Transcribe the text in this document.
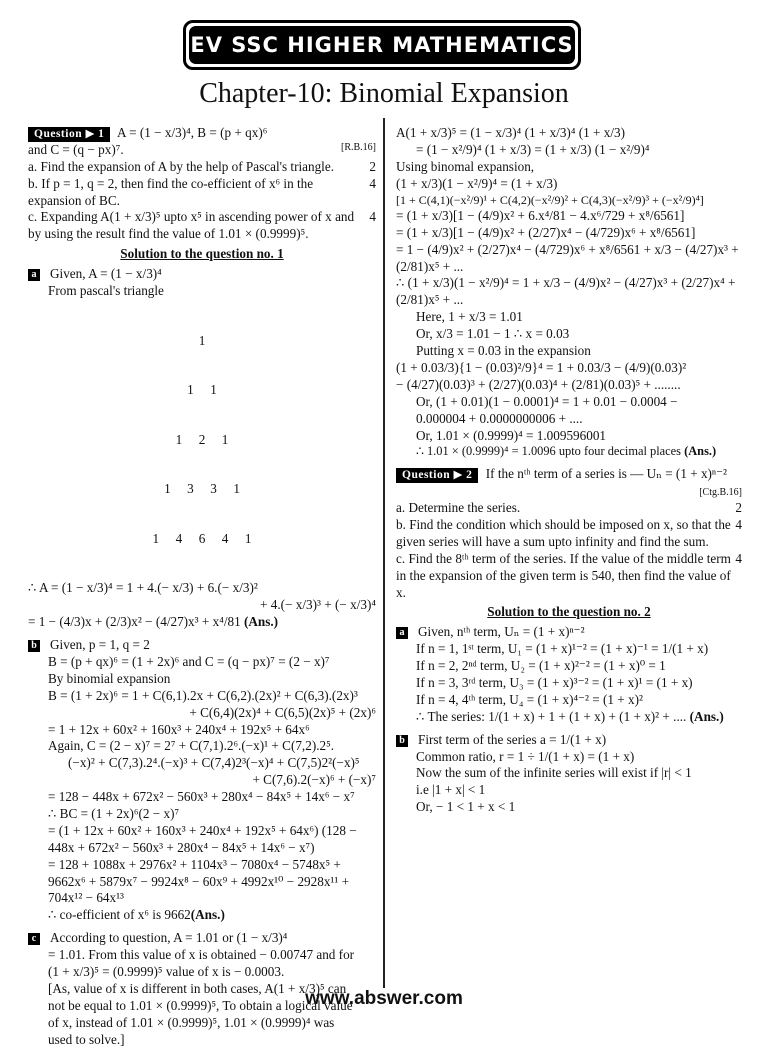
EV SSC HIGHER MATHEMATICS
Chapter-10: Binomial Expansion
Question ▶ 1 A = (1 − x/3)⁴, B = (p + qx)⁶
and C = (q − px)⁷.	[R.B.16]
2
a. Find the expansion of A by the help of Pascal's triangle.
4
b. If p = 1, q = 2, then find the co-efficient of x⁶ in the expansion of BC.
4
c. Expanding A(1 + x/3)⁵ upto x⁵ in ascending power of x and by using the result find the value of 1.01 × (0.9999)⁵.
Solution to the question no. 1
a Given, A = (1 − x/3)⁴
From pascal's triangle

1

1     1

1     2     1

1     3     3     1

1     4     6     4     1

∴ A = (1 − x/3)⁴ = 1 + 4.(− x/3) + 6.(− x/3)²
+ 4.(− x/3)³ + (− x/3)⁴
= 1 − (4/3)x + (2/3)x² − (4/27)x³ + x⁴/81 (Ans.)
b Given, p = 1, q = 2
B = (p + qx)⁶ = (1 + 2x)⁶ and C = (q − px)⁷ = (2 − x)⁷
By binomial expansion
B = (1 + 2x)⁶ = 1 + C(6,1).2x + C(6,2).(2x)² + C(6,3).(2x)³
+ C(6,4)(2x)⁴ + C(6,5)(2x)⁵ + (2x)⁶
= 1 + 12x + 60x² + 160x³ + 240x⁴ + 192x⁵ + 64x⁶
Again, C = (2 − x)⁷ = 2⁷ + C(7,1).2⁶.(−x)¹ + C(7,2).2⁵.
(−x)² + C(7,3).2⁴.(−x)³ + C(7,4)2³(−x)⁴ + C(7,5)2²(−x)⁵
+ C(7,6).2(−x)⁶ + (−x)⁷
= 128 − 448x + 672x² − 560x³ + 280x⁴ − 84x⁵ + 14x⁶ − x⁷
∴ BC = (1 + 2x)⁶(2 − x)⁷
= (1 + 12x + 60x² + 160x³ + 240x⁴ + 192x⁵ + 64x⁶) (128 −
448x + 672x² − 560x³ + 280x⁴ − 84x⁵ + 14x⁶ − x⁷)
= 128 + 1088x + 2976x² + 1104x³ − 7080x⁴ − 5748x⁵ +
9662x⁶ + 5879x⁷ − 9924x⁸ − 60x⁹ + 4992x¹⁰ − 2928x¹¹ +
704x¹² − 64x¹³
∴ co-efficient of x⁶ is 9662(Ans.)
c According to question, A = 1.01 or (1 − x/3)⁴
= 1.01. From this value of x is obtained − 0.00747 and for
(1 + x/3)⁵ = (0.9999)⁵ value of x is − 0.0003.
[As, value of x is different in both cases, A(1 + x/3)⁵ can
not be equal to 1.01 × (0.9999)⁵, To obtain a logical value
of x, instead of 1.01 × (0.9999)⁵, 1.01 × (0.9999)⁴ was
used to solve.]
A(1 + x/3)⁵ = (1 − x/3)⁴ (1 + x/3)⁴ (1 + x/3)
= (1 − x²/9)⁴ (1 + x/3) = (1 + x/3) (1 − x²/9)⁴
Using binomal expansion,
(1 + x/3)(1 − x²/9)⁴ = (1 + x/3)
[1 + C(4,1)(−x²/9)¹ + C(4,2)(−x²/9)² + C(4,3)(−x²/9)³ + (−x²/9)⁴]
= (1 + x/3)[1 − (4/9)x² + 6.x⁴/81 − 4.x⁶/729 + x⁸/6561]
= (1 + x/3)[1 − (4/9)x² + (2/27)x⁴ − (4/729)x⁶ + x⁸/6561]
= 1 − (4/9)x² + (2/27)x⁴ − (4/729)x⁶ + x⁸/6561 + x/3 − (4/27)x³ + (2/81)x⁵ + ...
∴ (1 + x/3)(1 − x²/9)⁴ = 1 + x/3 − (4/9)x² − (4/27)x³ + (2/27)x⁴ + (2/81)x⁵ + ...
Here, 1 + x/3 = 1.01
Or, x/3 = 1.01 − 1 ∴ x = 0.03
Putting x = 0.03 in the expansion
(1 + 0.03/3){1 − (0.03)²/9}⁴ = 1 + 0.03/3 − (4/9)(0.03)²
− (4/27)(0.03)³ + (2/27)(0.03)⁴ + (2/81)(0.03)⁵ + ........
Or, (1 + 0.01)(1 − 0.0001)⁴ = 1 + 0.01 − 0.0004 −
0.000004 + 0.0000000006 + ....
Or, 1.01 × (0.9999)⁴ = 1.009596001
∴ 1.01 × (0.9999)⁴ = 1.0096 upto four decimal places (Ans.)
Question ▶ 2 If the nᵗʰ term of a series is — Uₙ = (1 + x)ⁿ⁻²
[Ctg.B.16]
2
a. Determine the series.
4
b. Find the condition which should be imposed on x, so that the given series will have a sum upto infinity and find the sum.
4
c. Find the 8ᵗʰ term of the series. If the value of the middle term in the expansion of the given term is 540, then find the value of x.
Solution to the question no. 2
a Given, nᵗʰ term, Uₙ = (1 + x)ⁿ⁻²
If n = 1, 1ˢᵗ term, U₁ = (1 + x)¹⁻² = (1 + x)⁻¹ = 1/(1 + x)
If n = 2, 2ⁿᵈ term, U₂ = (1 + x)²⁻² = (1 + x)⁰ = 1
If n = 3, 3ʳᵈ term, U₃ = (1 + x)³⁻² = (1 + x)¹ = (1 + x)
If n = 4, 4ᵗʰ term, U₄ = (1 + x)⁴⁻² = (1 + x)²
∴ The series: 1/(1 + x) + 1 + (1 + x) + (1 + x)² + .... (Ans.)
b First term of the series a = 1/(1 + x)
Common ratio, r = 1 ÷ 1/(1 + x) = (1 + x)
Now the sum of the infinite series will exist if |r| < 1
i.e |1 + x| < 1
Or, − 1 < 1 + x < 1
www.abswer.com
